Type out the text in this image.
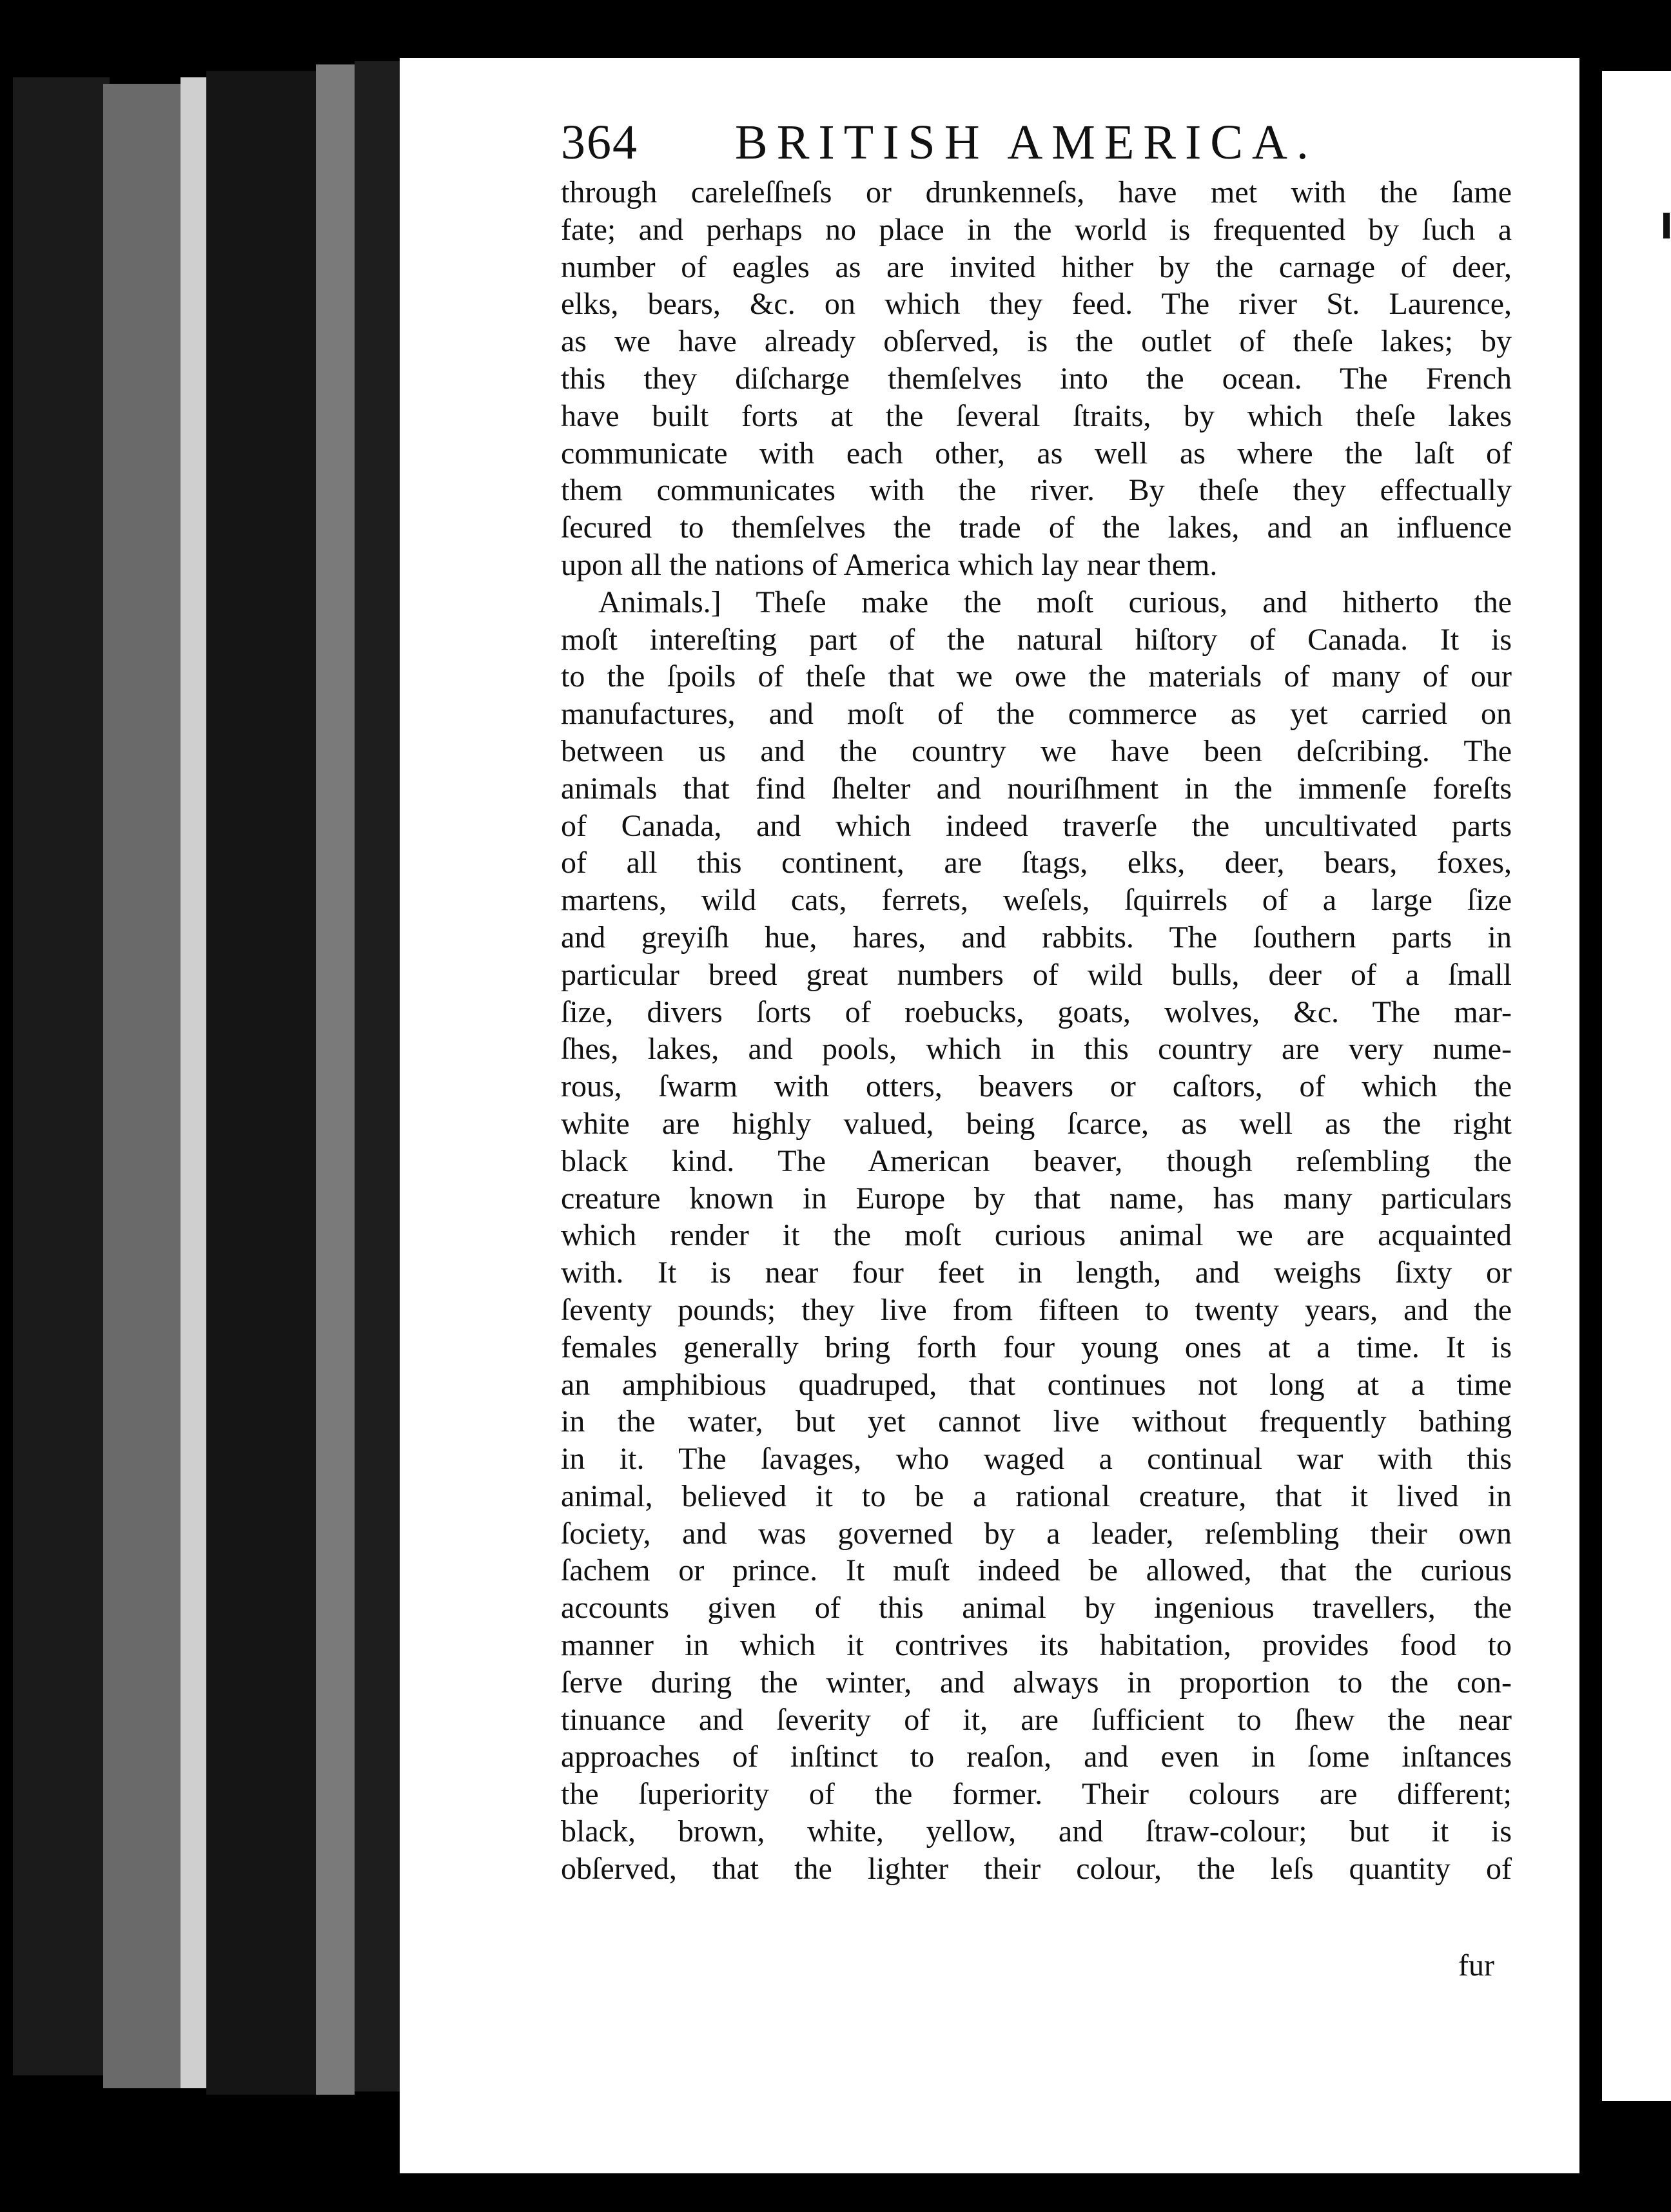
364 BRITISH AMERICA.
through careleſſneſs or drunkenneſs, have met with the ſame
fate; and perhaps no place in the world is frequented by ſuch a
number of eagles as are invited hither by the carnage of deer,
elks, bears, &c. on which they feed. The river St. Laurence,
as we have already obſerved, is the outlet of theſe lakes; by
this they diſcharge themſelves into the ocean. The French
have built forts at the ſeveral ſtraits, by which theſe lakes
communicate with each other, as well as where the laſt of
them communicates with the river. By theſe they effectually
ſecured to themſelves the trade of the lakes, and an influence
upon all the nations of America which lay near them.
Animals.] Theſe make the moſt curious, and hitherto the
moſt intereſting part of the natural hiſtory of Canada. It is
to the ſpoils of theſe that we owe the materials of many of our
manufactures, and moſt of the commerce as yet carried on
between us and the country we have been deſcribing. The
animals that find ſhelter and nouriſhment in the immenſe foreſts
of Canada, and which indeed traverſe the uncultivated parts
of all this continent, are ſtags, elks, deer, bears, foxes,
martens, wild cats, ferrets, weſels, ſquirrels of a large ſize
and greyiſh hue, hares, and rabbits. The ſouthern parts in
particular breed great numbers of wild bulls, deer of a ſmall
ſize, divers ſorts of roebucks, goats, wolves, &c. The mar-
ſhes, lakes, and pools, which in this country are very nume-
rous, ſwarm with otters, beavers or caſtors, of which the
white are highly valued, being ſcarce, as well as the right
black kind. The American beaver, though reſembling the
creature known in Europe by that name, has many particulars
which render it the moſt curious animal we are acquainted
with. It is near four feet in length, and weighs ſixty or
ſeventy pounds; they live from fifteen to twenty years, and the
females generally bring forth four young ones at a time. It is
an amphibious quadruped, that continues not long at a time
in the water, but yet cannot live without frequently bathing
in it. The ſavages, who waged a continual war with this
animal, believed it to be a rational creature, that it lived in
ſociety, and was governed by a leader, reſembling their own
ſachem or prince. It muſt indeed be allowed, that the curious
accounts given of this animal by ingenious travellers, the
manner in which it contrives its habitation, provides food to
ſerve during the winter, and always in proportion to the con-
tinuance and ſeverity of it, are ſufficient to ſhew the near
approaches of inſtinct to reaſon, and even in ſome inſtances
the ſuperiority of the former. Their colours are different;
black, brown, white, yellow, and ſtraw-colour; but it is
obſerved, that the lighter their colour, the leſs quantity of
fur
